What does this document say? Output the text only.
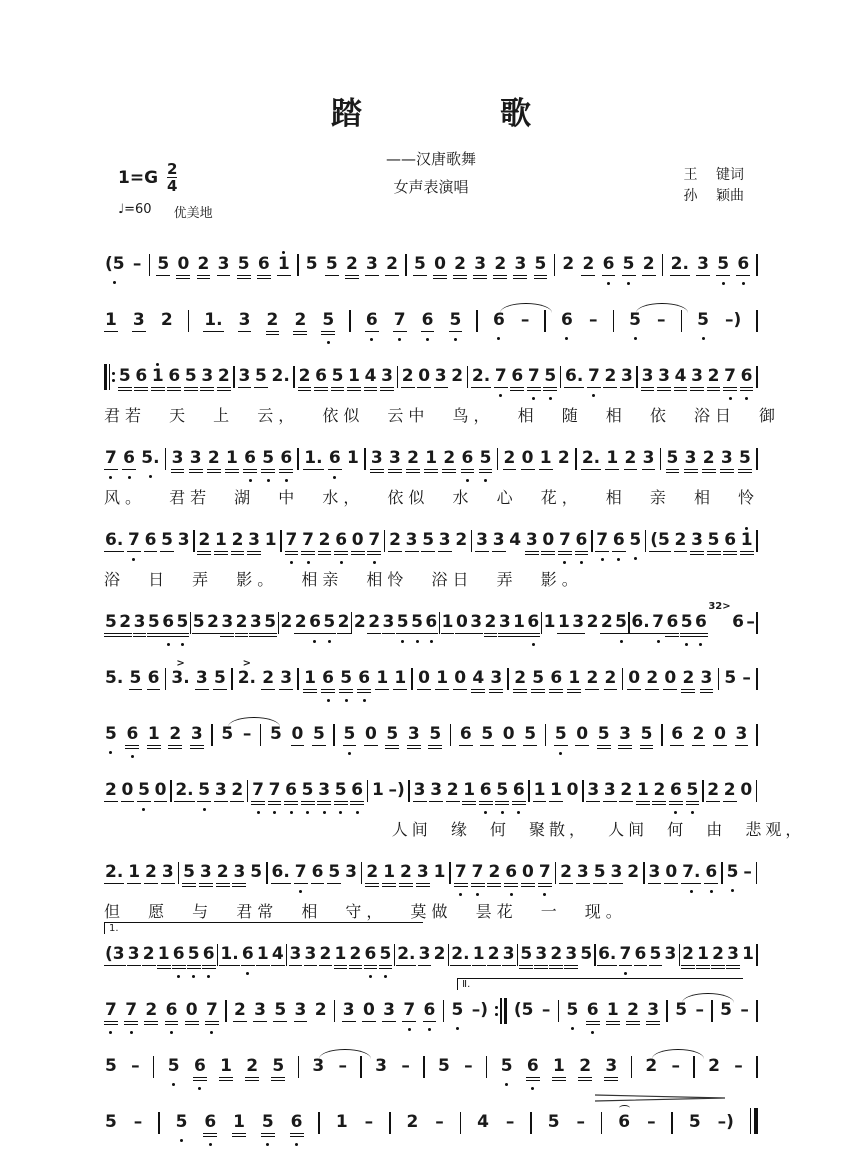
踏	歌
——汉唐歌舞
女声表演唱
$1=G \frac{2}{4}$
♩=60 优美地
王 键词
孙 颖曲
(5 – 5 0 2 3 5 6 1 5 5 2 3 2 5 0 2 3 2 3 5 2 2 6 5 2 2. 3 5 6
1 3 2 1. 3 2 2 5 6 7 6 5 6 – 6 – 5 – 5 –)
5 6 1 6 5 3 2 3 5 2. 2 6 5 1 4 3 2 0 3 2 2. 7 6 7 5 6. 7 2 3 3 3 4 3 2 7 6
君若 天 上 云， 依似 云中 鸟， 相 随 相 依 浴日 御
7 6 5. 3 3 2 1 6 5 6 1. 6 1 3 3 2 1 2 6 5 2 0 1 2 2. 1 2 3 5 3 2 3 5
风。 君若 湖 中 水， 依似 水 心 花， 相 亲 相 怜
6. 7 6 5 3 2 1 2 3 1 7 7 2 6 0 7 2 3 5 3 2 3 3 4 3 0 7 6 7 6 5 (5 2 3 5 6 1
浴 日 弄 影。 相亲 相怜 浴日 弄 影。
5 2 3 5 6 5 5 2 3 2 3 5 2 2 6 5 2 2 2 3 5 5 6 1 0 3 2 3 1 6 1 1 3 2 2 5 6. 7 6 5 6
32>
6 –
5. 5 6
>
3. 3 5
>
2. 2 3 1 6 5 6 1 1 0 1 0 4 3 2 5 6 1 2 2 0 2 0 2 3 5 –
5 6 1 2 3 5 – 5 0 5 5 0 5 3 5 6 5 0 5 5 0 5 3 5 6 2 0 3
2 0 5 0 2. 5 3 2 7 7 6 5 3 5 6 1 –) 3 3 2 1 6 5 6 1 1 0 3 3 2 1 2 6 5 2 2 0
人间 缘 何 聚散， 人间 何 由 悲观，
2. 1 2 3 5 3 2 3 5 6. 7 6 5 3 2 1 2 3 1 7 7 2 6 0 7 2 3 5 3 2 3 0 7. 6 5 –
但 愿 与 君常 相 守， 莫做 昙花 一 现。
1.
(3 3 2 1 6 5 6 1. 6 1 4 3 3 2 1 2 6 5 2. 3 2 2. 1 2 3 5 3 2 3 5 6. 7 6 5 3 2 1 2 3 1
Ⅱ.
7 7 2 6 0 7 2 3 5 3 2 3 0 3 7 6 5 –) (5 – 5 6 1 2 3 5 – 5 –
5 – 5 6 1 2 5 3 – 3 – 5 – 5 6 1 2 3 2 – 2 –
5 – 5 6 1 5 6 1 – 2 – 4 – 5 – 6 – 5 –)
